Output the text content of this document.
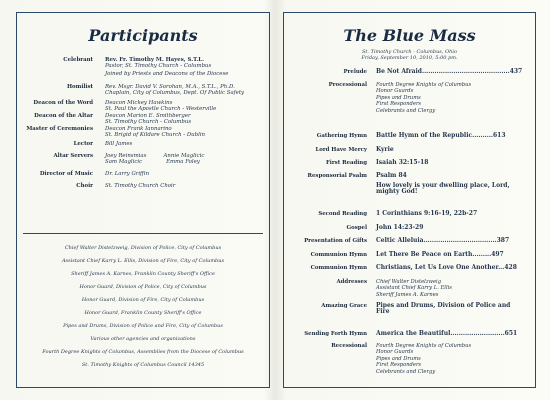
Participants
Celebrant Rev. Fr. Timothy M. Hayes, S.T.L.
Pastor, St. Timothy Church - Columbus
Joined by Priests and Deacons of the Diocese
Homilist Rev. Msgr. David V. Sorohan, M.A., S.T.L., Ph.D.
Chaplain, City of Columbus, Dept. Of Public Safety
Deacon of the Word Deacon Mickey Hawkins
St. Paul the Apostle Church - Westerville
Deacon of the Altar Deacon Marion E. Smithberger
St. Timothy Church - Columbus
Master of Ceremonies Deacon Frank Iannarino
St. Brigid of Kildare Church - Dublin
Lector Bill James
Altar Servers Joey Reinsmias          Annie Maglicic
Sam Maglicic              Emma Foley
Director of Music Dr. Larry Griffin
Choir St. Timothy Church Choir
Chief Walter Distelzweig, Division of Police, City of Columbus
Assistant Chief Karry L. Ellis, Division of Fire, City of Columbus
Sheriff James A. Karnes, Franklin County Sheriff's Office
Honor Guard, Division of Police, City of Columbus
Honor Guard, Division of Fire, City of Columbus
Honor Guard, Franklin County Sheriff's Office
Pipes and Drums, Division of Police and Fire, City of Columbus
Various other agencies and organizations
Fourth Degree Knights of Columbus, Assemblies from the Diocese of Columbus
St. Timothy Knights of Columbus Council 14345
The Blue Mass
St. Timothy Church - Columbus, Ohio
Friday, September 10, 2010, 5:00 pm.
Prelude Be Not Afraid..........................................437
Processional Fourth Degree Knights of Columbus
Honor Guards
Pipes and Drums
First Responders
Celebrants and Clergy
Gathering Hymn Battle Hymn of the Republic..........613
Lord Have Mercy Kyrie
First Reading Isaiah 32:15-18
Responsorial Psalm Psalm 84
How lovely is your dwelling place, Lord,
mighty God!
Second Reading 1 Corinthians 9:16-19, 22b-27
Gospel John 14:23-29
Presentation of Gifts Celtic Alleluia...................................387
Communion Hymn Let There Be Peace on Earth.........497
Communion Hymn Christians, Let Us Love One Another...428
Addresses Chief Walter Distelzweig
Assistant Chief Karry L. Ellis
Sheriff James A. Karnes
Amazing Grace Pipes and Drums, Division of Police and
Fire
Sending Forth Hymn America the Beautiful..........................651
Recessional Fourth Degree Knights of Columbus
Honor Guards
Pipes and Drums
First Responders
Celebrants and Clergy
